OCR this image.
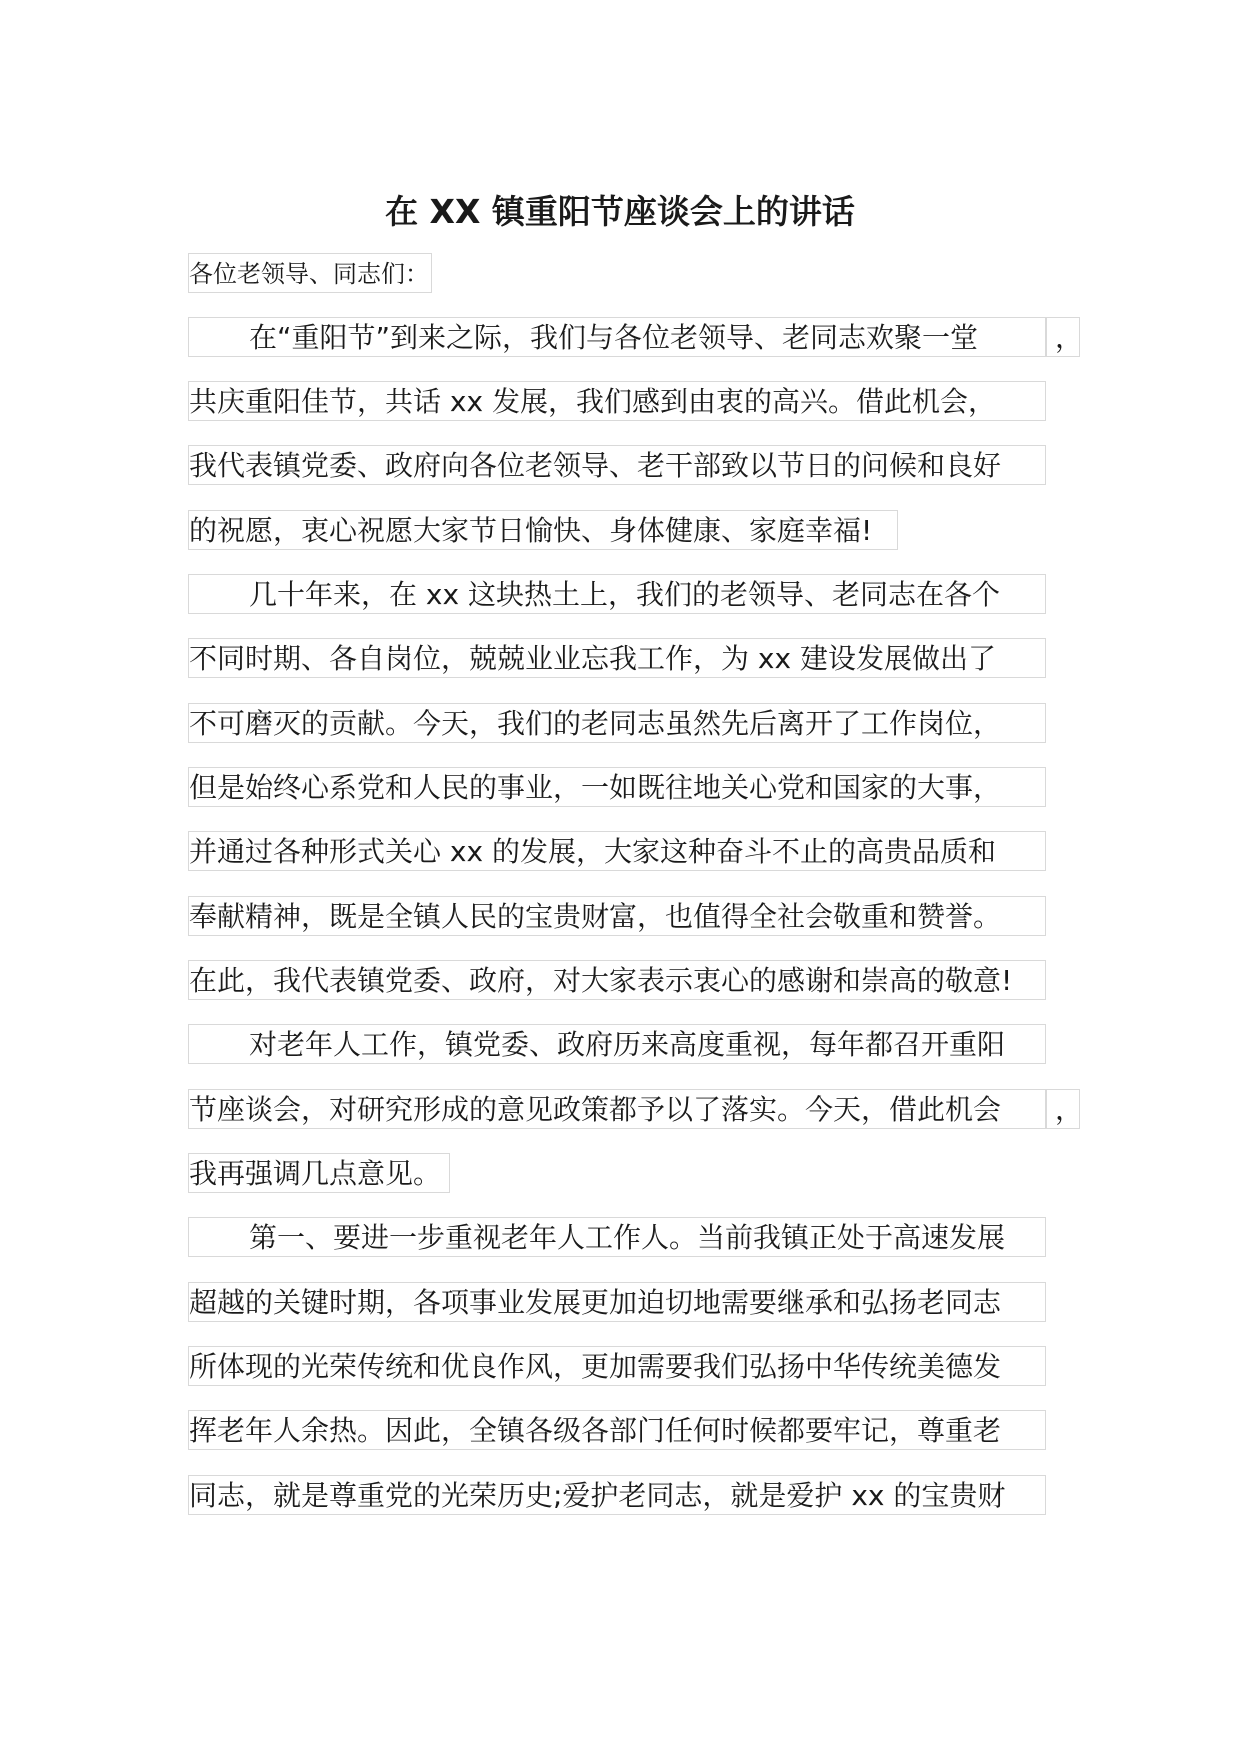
在 XX 镇重阳节座谈会上的讲话
各位老领导、同志们：
在“重阳节”到来之际，我们与各位老领导、老同志欢聚一堂	，
共庆重阳佳节，共话 xx 发展，我们感到由衷的高兴。借此机会，
我代表镇党委、政府向各位老领导、老干部致以节日的问候和良好
的祝愿，衷心祝愿大家节日愉快、身体健康、家庭幸福!
几十年来，在 xx 这块热土上，我们的老领导、老同志在各个
不同时期、各自岗位，兢兢业业忘我工作，为 xx 建设发展做出了
不可磨灭的贡献。今天，我们的老同志虽然先后离开了工作岗位，
但是始终心系党和人民的事业，一如既往地关心党和国家的大事，
并通过各种形式关心 xx 的发展，大家这种奋斗不止的高贵品质和
奉献精神，既是全镇人民的宝贵财富，也值得全社会敬重和赞誉。
在此，我代表镇党委、政府，对大家表示衷心的感谢和崇高的敬意!
对老年人工作，镇党委、政府历来高度重视，每年都召开重阳
节座谈会，对研究形成的意见政策都予以了落实。今天，借此机会	，
我再强调几点意见。
第一、要进一步重视老年人工作人。当前我镇正处于高速发展
超越的关键时期，各项事业发展更加迫切地需要继承和弘扬老同志
所体现的光荣传统和优良作风，更加需要我们弘扬中华传统美德发
挥老年人余热。因此，全镇各级各部门任何时候都要牢记，尊重老
同志，就是尊重党的光荣历史;爱护老同志，就是爱护 xx 的宝贵财
